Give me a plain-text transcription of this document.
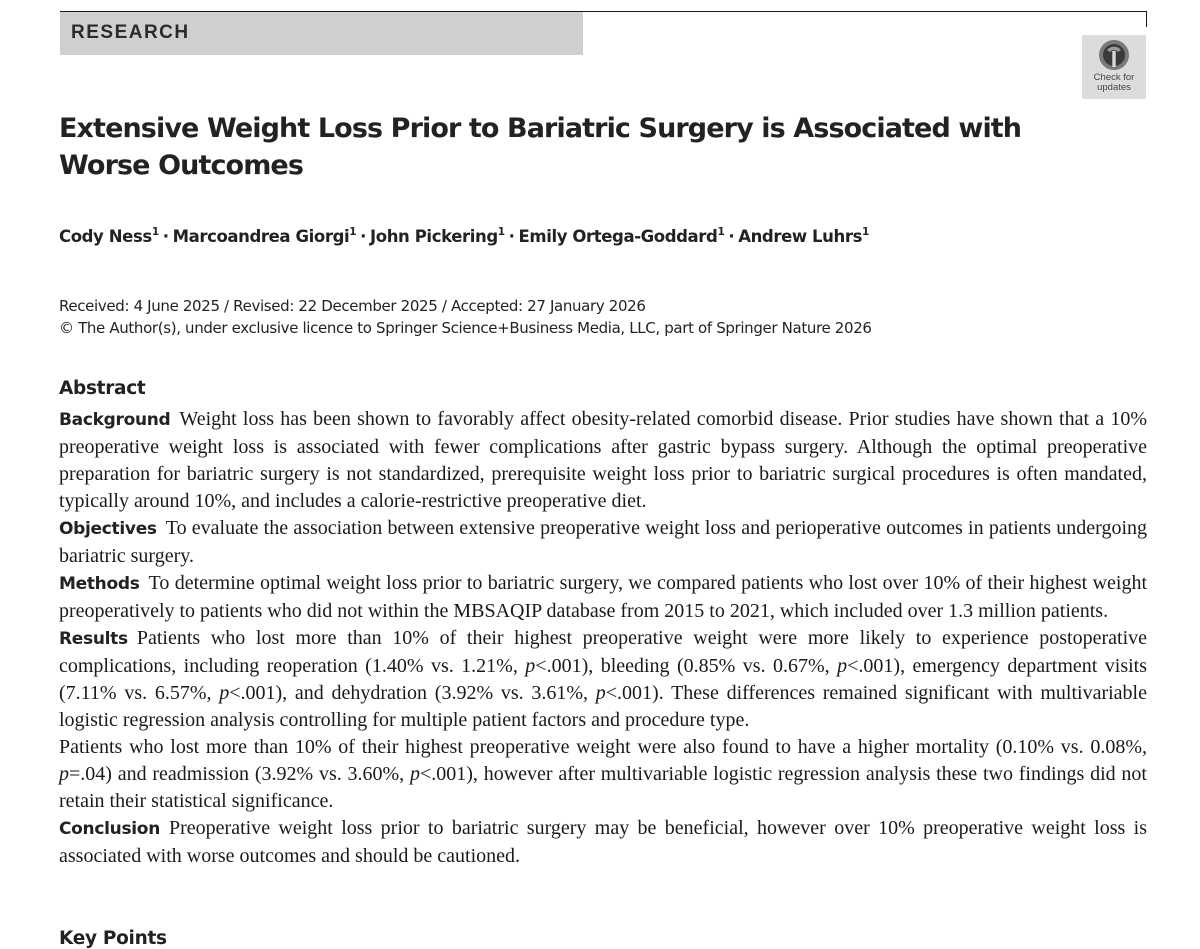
RESEARCH
Check for
updates
Extensive Weight Loss Prior to Bariatric Surgery is Associated with Worse Outcomes

Cody Ness$^1$ · Marcoandrea Giorgi$^1$ · John Pickering$^1$ · Emily Ortega-Goddard$^1$ · Andrew Luhrs$^1$

Received: 4 June 2025 / Revised: 22 December 2025 / Accepted: 27 January 2026
© The Author(s), under exclusive licence to Springer Science+Business Media, LLC, part of Springer Nature 2026
Abstract

Background Weight loss has been shown to favorably affect obesity-related comorbid disease. Prior studies have shown that a 10% preoperative weight loss is associated with fewer complications after gastric bypass surgery. Although the optimal preoperative preparation for bariatric surgery is not standardized, prerequisite weight loss prior to bariatric surgical procedures is often mandated, typically around 10%, and includes a calorie-restrictive preoperative diet.

Objectives To evaluate the association between extensive preoperative weight loss and perioperative outcomes in patients undergoing bariatric surgery.

Methods To determine optimal weight loss prior to bariatric surgery, we compared patients who lost over 10% of their highest weight preoperatively to patients who did not within the MBSAQIP database from 2015 to 2021, which included over 1.3 million patients.

Results Patients who lost more than 10% of their highest preoperative weight were more likely to experience postoperative complications, including reoperation (1.40% vs. 1.21%, p<.001), bleeding (0.85% vs. 0.67%, p<.001), emergency department visits (7.11% vs. 6.57%, p<.001), and dehydration (3.92% vs. 3.61%, p<.001). These differences remained significant with multivariable logistic regression analysis controlling for multiple patient factors and procedure type.

Patients who lost more than 10% of their highest preoperative weight were also found to have a higher mortality (0.10% vs. 0.08%, p=.04) and readmission (3.92% vs. 3.60%, p<.001), however after multivariable logistic regression analysis these two findings did not retain their statistical significance.

Conclusion Preoperative weight loss prior to bariatric surgery may be beneficial, however over 10% preoperative weight loss is associated with worse outcomes and should be cautioned.

Key Points
